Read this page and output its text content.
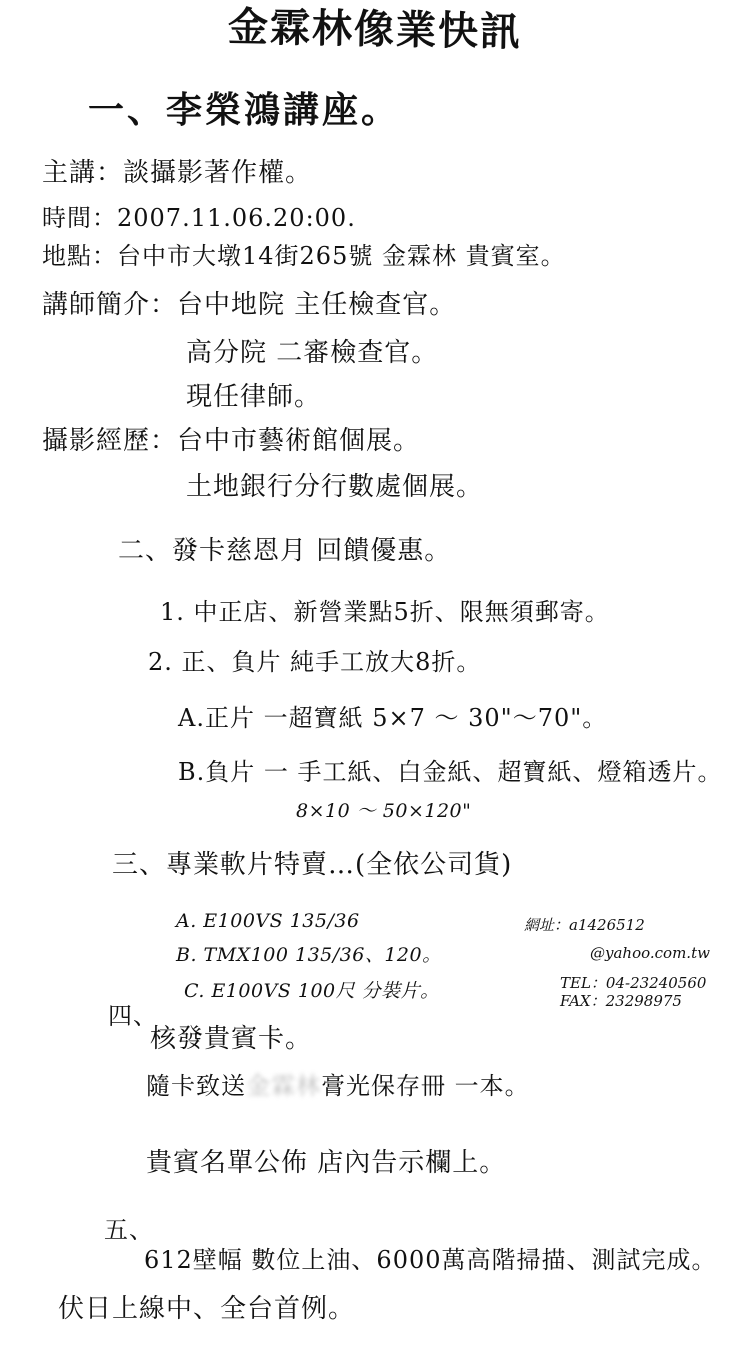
金霖林像業快訊
一、李榮鴻講座。
主講：談攝影著作權。
時間：2007.11.06.20:00.
地點：台中市大墩14街265號 金霖林 貴賓室。
講師簡介：台中地院 主任檢查官。
高分院 二審檢查官。
現任律師。
攝影經歷：台中市藝術館個展。
土地銀行分行數處個展。
二、發卡慈恩月 回饋優惠。
1. 中正店、新營業點5折、限無須郵寄。
2. 正、負片 純手工放大8折。
A.正片 一超寶紙 5×7 ～ 30"～70"。
B.負片 一 手工紙、白金紙、超寶紙、燈箱透片。
8×10 ～ 50×120"
三、專業軟片特賣…(全依公司貨)
A. E100VS 135/36
B. TMX100 135/36、120。
C. E100VS 100尺 分裝片。
網址：a1426512
@yahoo.com.tw
TEL：04-23240560
FAX：23298975
四、
核發貴賓卡。
隨卡致送金霖林膏光保存冊 一本。
貴賓名單公佈 店內告示欄上。
五、
612壁幅 數位上油、6000萬高階掃描、測試完成。
伏日上線中、全台首例。
